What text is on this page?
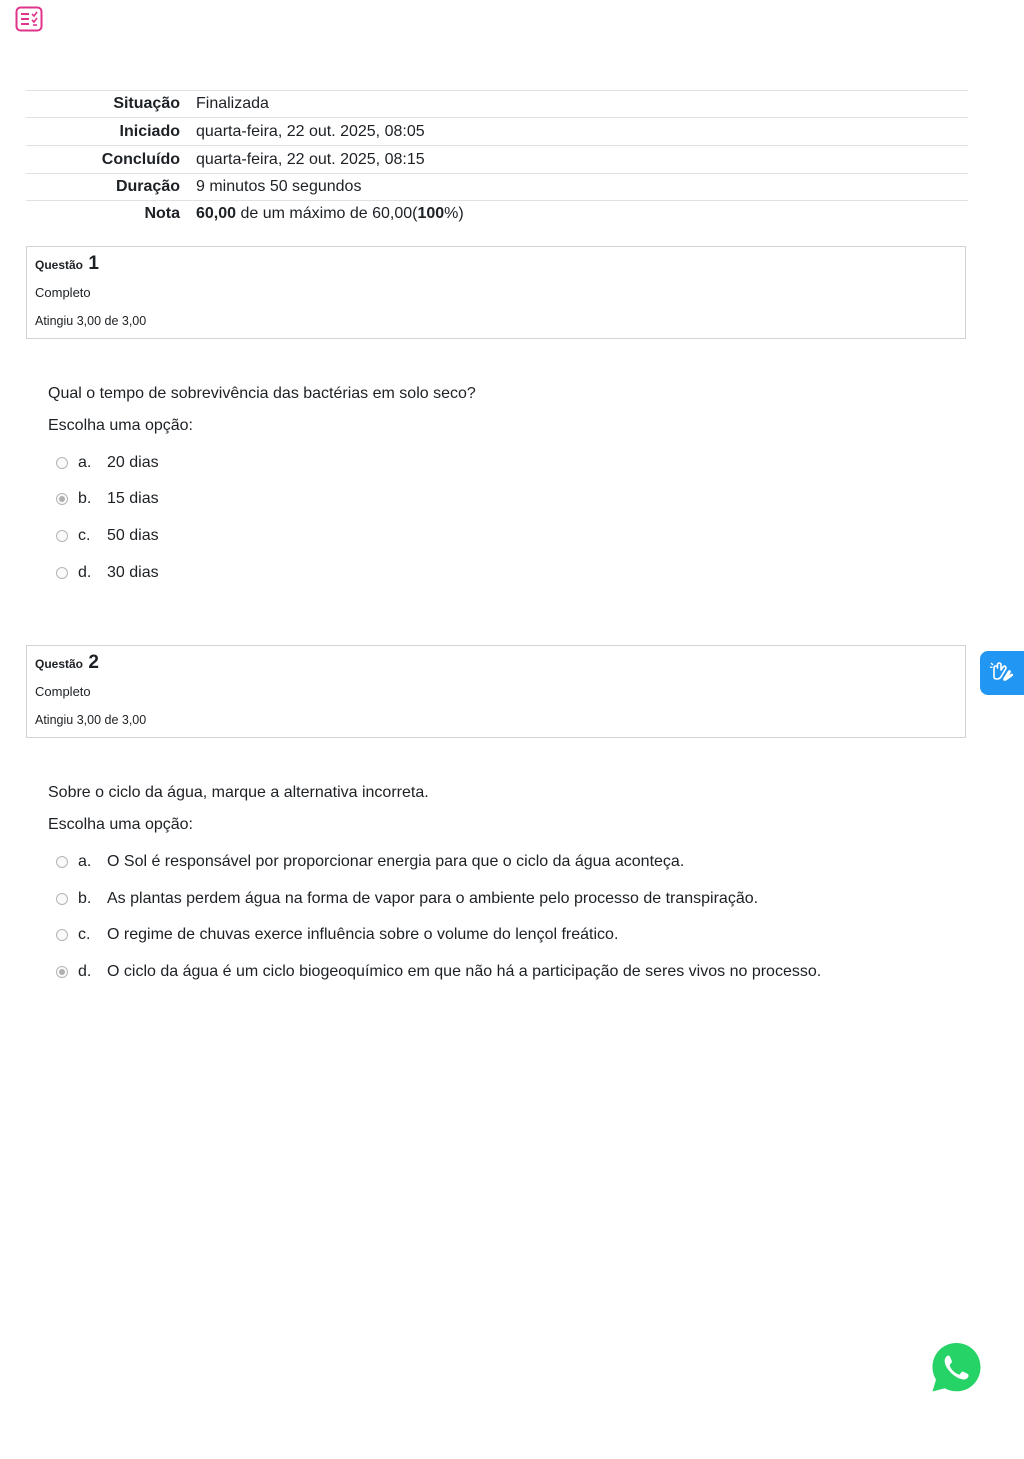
Situação	Finalizada
Iniciado	quarta-feira, 22 out. 2025, 08:05
Concluído	quarta-feira, 22 out. 2025, 08:15
Duração	9 minutos 50 segundos
Nota	60,00 de um máximo de 60,00(100%)
Questão 1
Completo
Atingiu 3,00 de 3,00
Qual o tempo de sobrevivência das bactérias em solo seco?
Escolha uma opção:
a. 20 dias
b. 15 dias
c.	50 dias
d. 30 dias
Questão 2
Completo
Atingiu 3,00 de 3,00
Sobre o ciclo da água, marque a alternativa incorreta.
Escolha uma opção:
a. O Sol é responsável por proporcionar energia para que o ciclo da água aconteça.
b. As plantas perdem água na forma de vapor para o ambiente pelo processo de transpiração.
c.	O regime de chuvas exerce influência sobre o volume do lençol freático.
d. O ciclo da água é um ciclo biogeoquímico em que não há a participação de seres vivos no processo.
